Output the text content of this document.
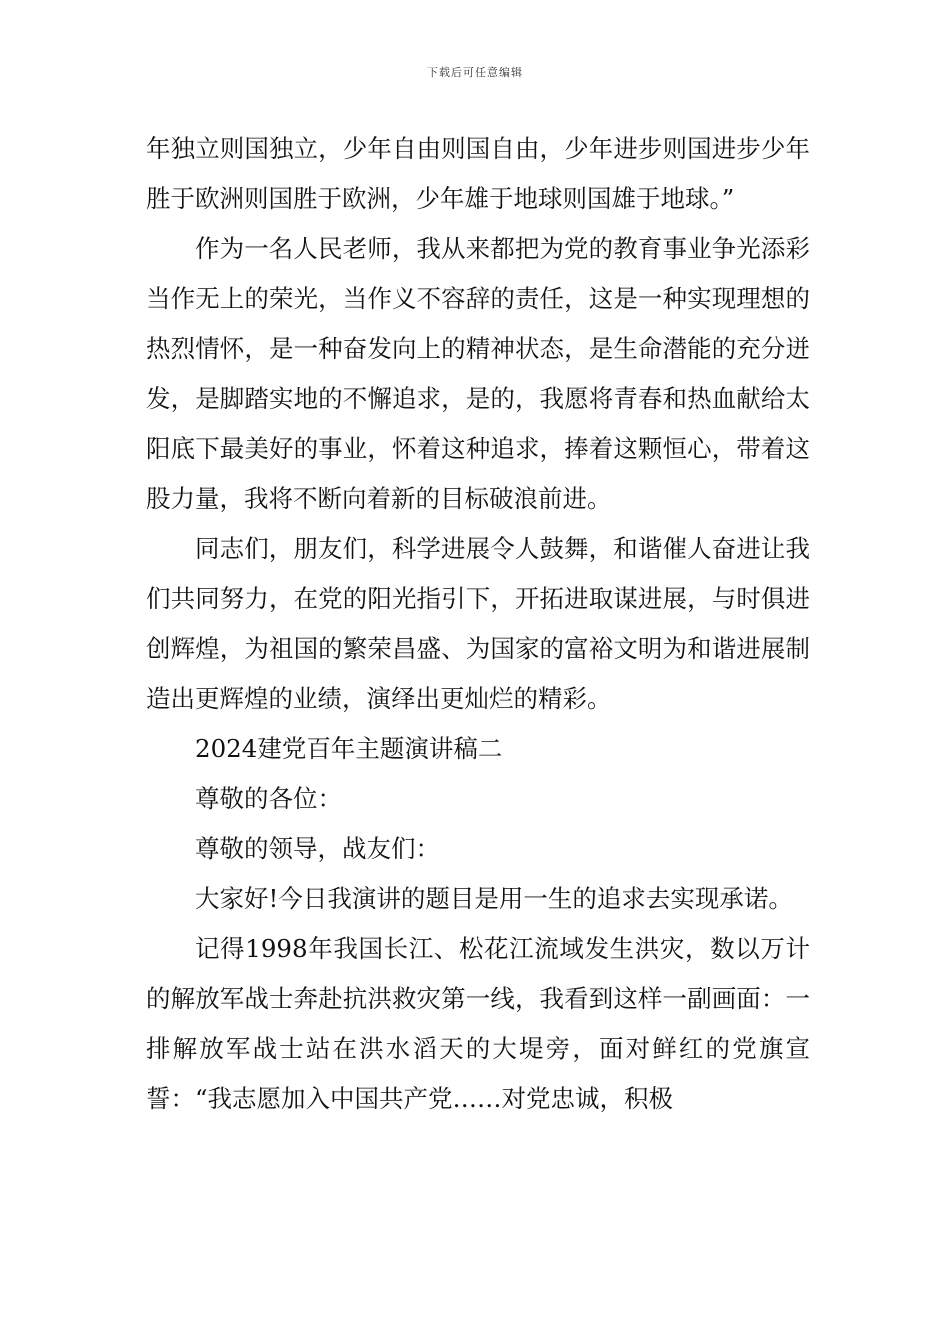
下载后可任意编辑

年独立则国独立，少年自由则国自由，少年进步则国进步少年胜于欧洲则国胜于欧洲，少年雄于地球则国雄于地球。”

作为一名人民老师，我从来都把为党的教育事业争光添彩当作无上的荣光，当作义不容辞的责任，这是一种实现理想的热烈情怀，是一种奋发向上的精神状态，是生命潜能的充分迸发，是脚踏实地的不懈追求，是的，我愿将青春和热血献给太阳底下最美好的事业，怀着这种追求，捧着这颗恒心，带着这股力量，我将不断向着新的目标破浪前进。

同志们，朋友们，科学进展令人鼓舞，和谐催人奋进让我们共同努力，在党的阳光指引下，开拓进取谋进展，与时俱进创辉煌，为祖国的繁荣昌盛、为国家的富裕文明为和谐进展制造出更辉煌的业绩，演绎出更灿烂的精彩。

2024建党百年主题演讲稿二

尊敬的各位：

尊敬的领导，战友们：

大家好!今日我演讲的题目是用一生的追求去实现承诺。

记得1998年我国长江、松花江流域发生洪灾，数以万计的解放军战士奔赴抗洪救灾第一线，我看到这样一副画面：一排解放军战士站在洪水滔天的大堤旁，面对鲜红的党旗宣誓：“我志愿加入中国共产党……对党忠诚，积极
